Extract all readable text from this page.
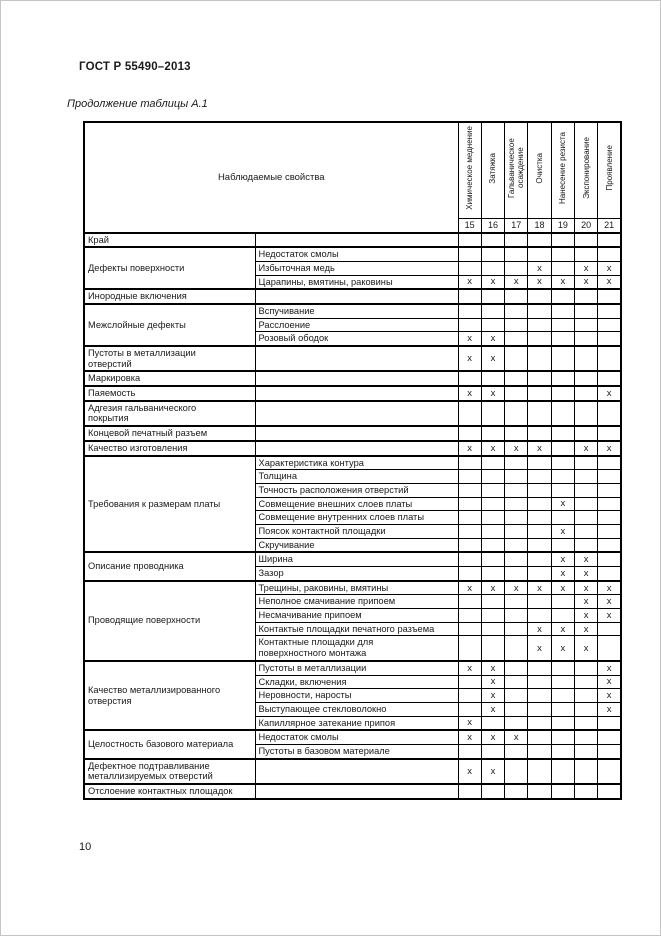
ГОСТ Р 55490–2013
Продолжение таблицы А.1
Наблюдаемые свойства		Химическое меднение	Затяжка	Гальваническое осаждение	Очистка	Нанесение резиста	Экспонирование	Проявление
		15	16	17	18	19	20	21
Край								
Дефекты поверхности	Недостаток смолы							
	Избыточная медь				x		x	x
	Царапины, вмятины, раковины	x	x	x	x	x	x	x
Инородные включения								
Межслойные дефекты	Вспучивание							
	Расслоение							
	Розовый ободок	x	x					
Пустоты в металлизации
отверстий		x	x					
Маркировка								
Паяемость		x	x					x
Адгезия гальванического
покрытия								
Концевой печатный разъем								
Качество изготовления		x	x	x	x		x	x
Требования к размерам платы	Характеристика контура							
	Толщина							
	Точность расположения отверстий							
	Совмещение внешних слоев платы					x		
	Совмещение внутренних слоев платы							
	Поясок контактной площадки					x		
	Скручивание							
Описание проводника	Ширина					x	x	
	Зазор					x	x	
Проводящие поверхности	Трещины, раковины, вмятины	x	x	x	x	x	x	x
	Неполное смачивание припоем						x	x
	Несмачивание припоем						x	x
	Контактые площадки печатного разъема				x	x	x	
	Контактные площадки для
поверхностного монтажа				x	x	x	
Качество металлизированного
отверстия	Пустоты в металлизации	x	x					x
	Складки, включения		x					x
	Неровности, наросты		x					x
	Выступающее стекловолокно		x					x
	Капиллярное затекание припоя	x						
Целостность базового материала	Недостаток смолы	x	x	x				
	Пустоты в базовом материале							
Дефектное подтравливание
металлизируемых отверстий		x	x					
Отслоение контактных площадок								
10
